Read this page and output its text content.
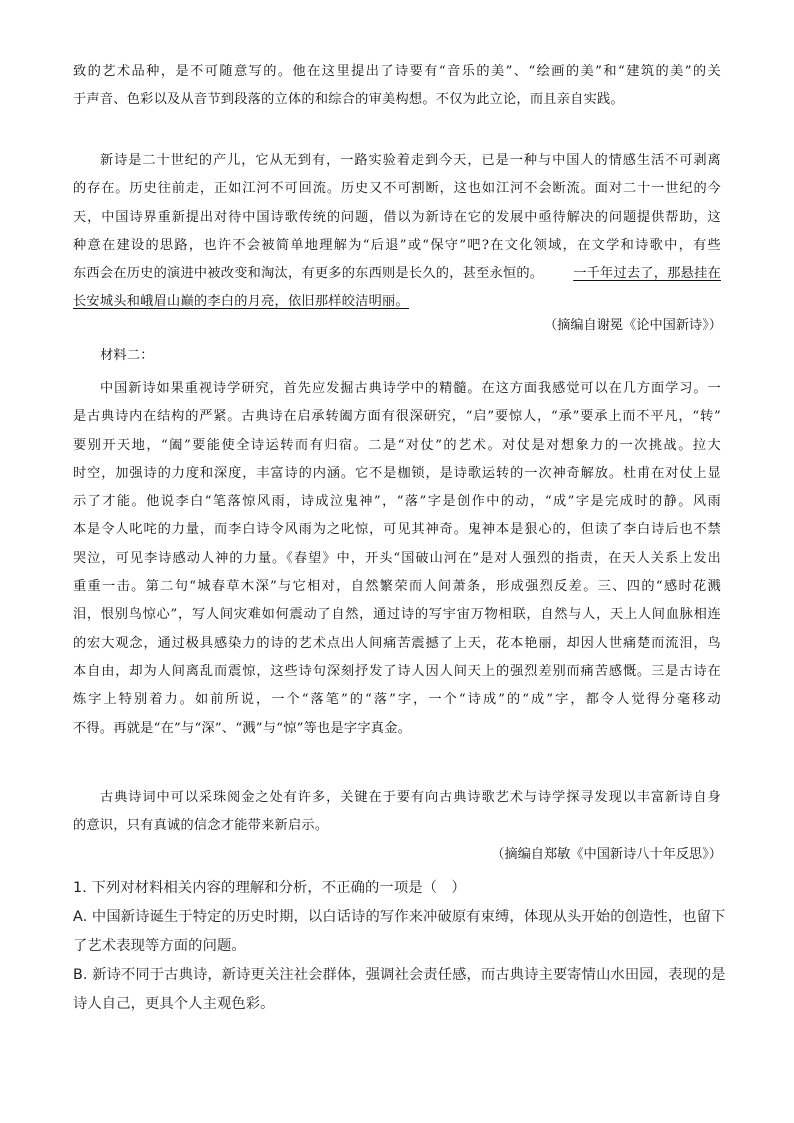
致的艺术品种，是不可随意写的。他在这里提出了诗要有“音乐的美”、“绘画的美”和“建筑的美”的关
于声音、色彩以及从音节到段落的立体的和综合的审美构想。不仅为此立论，而且亲自实践。
新诗是二十世纪的产儿，它从无到有，一路实验着走到今天，已是一种与中国人的情感生活不可剥离
的存在。历史往前走，正如江河不可回流。历史又不可割断，这也如江河不会断流。面对二十一世纪的今
天，中国诗界重新提出对待中国诗歌传统的问题，借以为新诗在它的发展中亟待解决的问题提供帮助，这
种意在建设的思路，也许不会被简单地理解为“后退”或“保守”吧?在文化领域，在文学和诗歌中，有些
东西会在历史的演进中被改变和淘汰，有更多的东西则是长久的，甚至永恒的。 一千年过去了，那悬挂在
长安城头和峨眉山巅的李白的月亮，依旧那样皎洁明丽。
（摘编自谢冕《论中国新诗》）
材料二：
中国新诗如果重视诗学研究，首先应发掘古典诗学中的精髓。在这方面我感觉可以在几方面学习。一
是古典诗内在结构的严紧。古典诗在启承转阖方面有很深研究，“启”要惊人，“承”要承上而不平凡，“转”
要别开天地，“阖”要能使全诗运转而有归宿。二是“对仗”的艺术。对仗是对想象力的一次挑战。拉大
时空，加强诗的力度和深度，丰富诗的内涵。它不是枷锁，是诗歌运转的一次神奇解放。杜甫在对仗上显
示了才能。他说李白“笔落惊风雨，诗成泣鬼神”，“落”字是创作中的动，“成”字是完成时的静。风雨
本是令人叱咤的力量，而李白诗令风雨为之叱惊，可见其神奇。鬼神本是狠心的，但读了李白诗后也不禁
哭泣，可见李诗感动人神的力量。《春望》中，开头“国破山河在”是对人强烈的指责，在天人关系上发出
重重一击。第二句“城春草木深”与它相对，自然繁荣而人间萧条，形成强烈反差。三、四的“感时花溅
泪，恨别鸟惊心”，写人间灾难如何震动了自然，通过诗的写宇宙万物相联，自然与人，天上人间血脉相连
的宏大观念，通过极具感染力的诗的艺术点出人间痛苦震撼了上天，花本艳丽，却因人世痛楚而流泪，鸟
本自由，却为人间离乱而震惊，这些诗句深刻抒发了诗人因人间天上的强烈差别而痛苦感慨。三是古诗在
炼字上特别着力。如前所说，一个“落笔”的“落”字，一个“诗成”的“成”字，都令人觉得分毫移动
不得。再就是“在”与“深”、“溅”与“惊”等也是字字真金。
古典诗词中可以采珠阅金之处有许多，关键在于要有向古典诗歌艺术与诗学探寻发现以丰富新诗自身
的意识，只有真诚的信念才能带来新启示。
（摘编自郑敏《中国新诗八十年反思》）
1. 下列对材料相关内容的理解和分析，不正确的一项是（　）
A. 中国新诗诞生于特定的历史时期，以白话诗的写作来冲破原有束缚，体现从头开始的创造性，也留下
了艺术表现等方面的问题。
B. 新诗不同于古典诗，新诗更关注社会群体，强调社会责任感，而古典诗主要寄情山水田园，表现的是
诗人自己，更具个人主观色彩。
